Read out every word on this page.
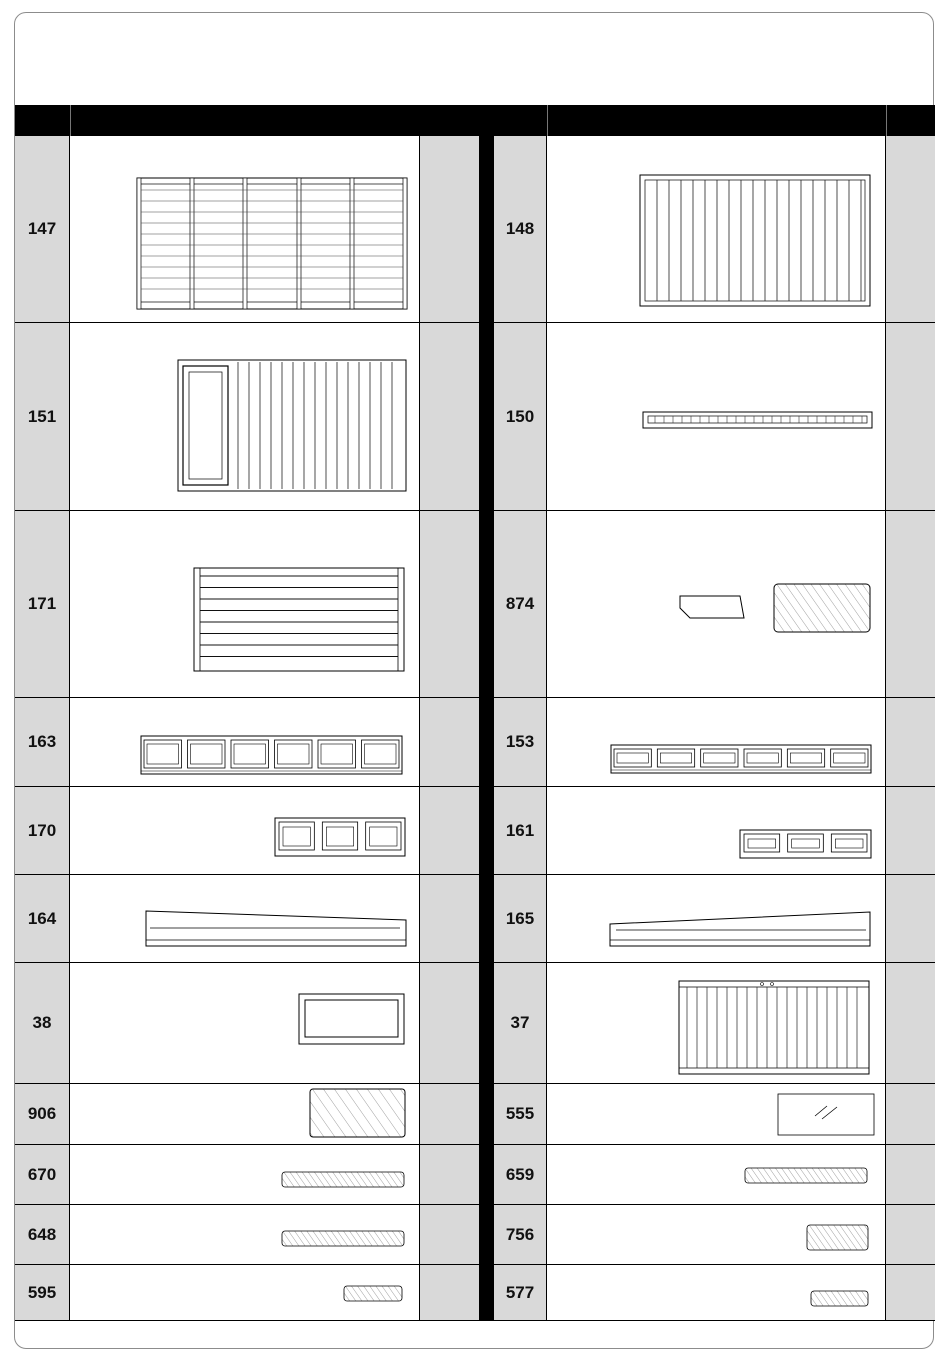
147
151
171
163
170
164
38
906
670
648
595
148
150
874
153
161
165
37
555
659
756
577
